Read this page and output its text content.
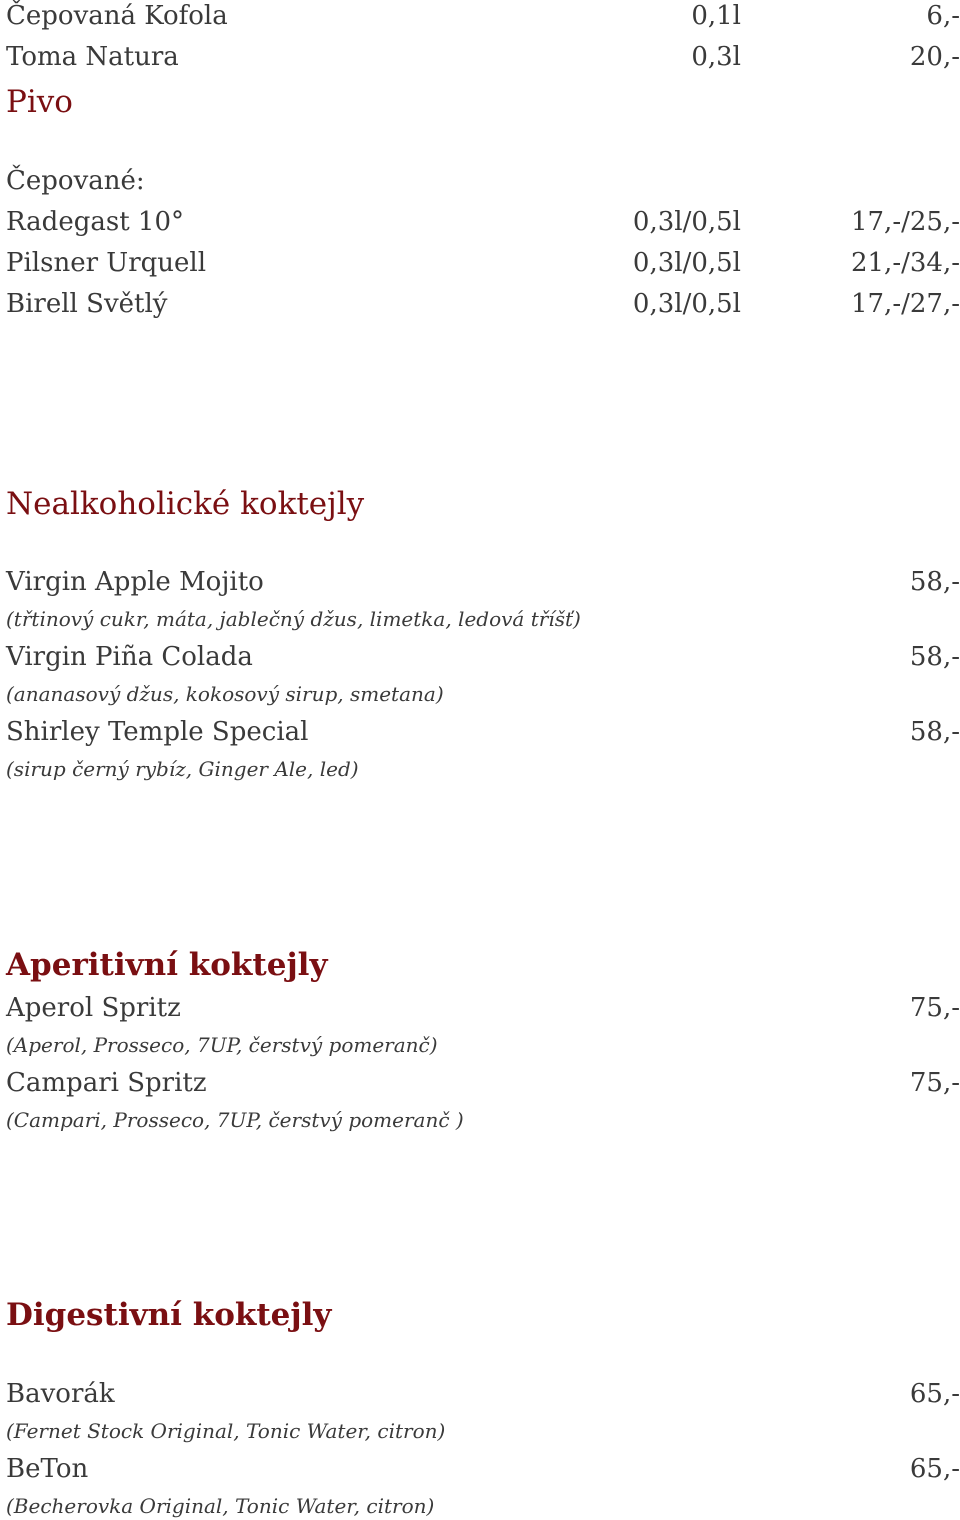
Čepovaná Kofola	0,1l	6,-
Toma Natura	0,3l	20,-
Pivo
Čepované:
Radegast 10°	0,3l/0,5l	17,-/25,-
Pilsner Urquell	0,3l/0,5l	21,-/34,-
Birell Světlý	0,3l/0,5l	17,-/27,-
Nealkoholické koktejly
Virgin Apple Mojito	58,-
(třtinový cukr, máta, jablečný džus, limetka, ledová tříšť)
Virgin Piña Colada	58,-
(ananasový džus, kokosový sirup, smetana)
Shirley Temple Special	58,-
(sirup černý rybíz, Ginger Ale, led)
Aperitivní koktejly
Aperol Spritz	75,-
(Aperol, Prosseco, 7UP, čerstvý pomeranč)
Campari Spritz	75,-
(Campari, Prosseco, 7UP, čerstvý pomeranč )
Digestivní koktejly
Bavorák	65,-
(Fernet Stock Original, Tonic Water, citron)
BeTon	65,-
(Becherovka Original, Tonic Water, citron)
